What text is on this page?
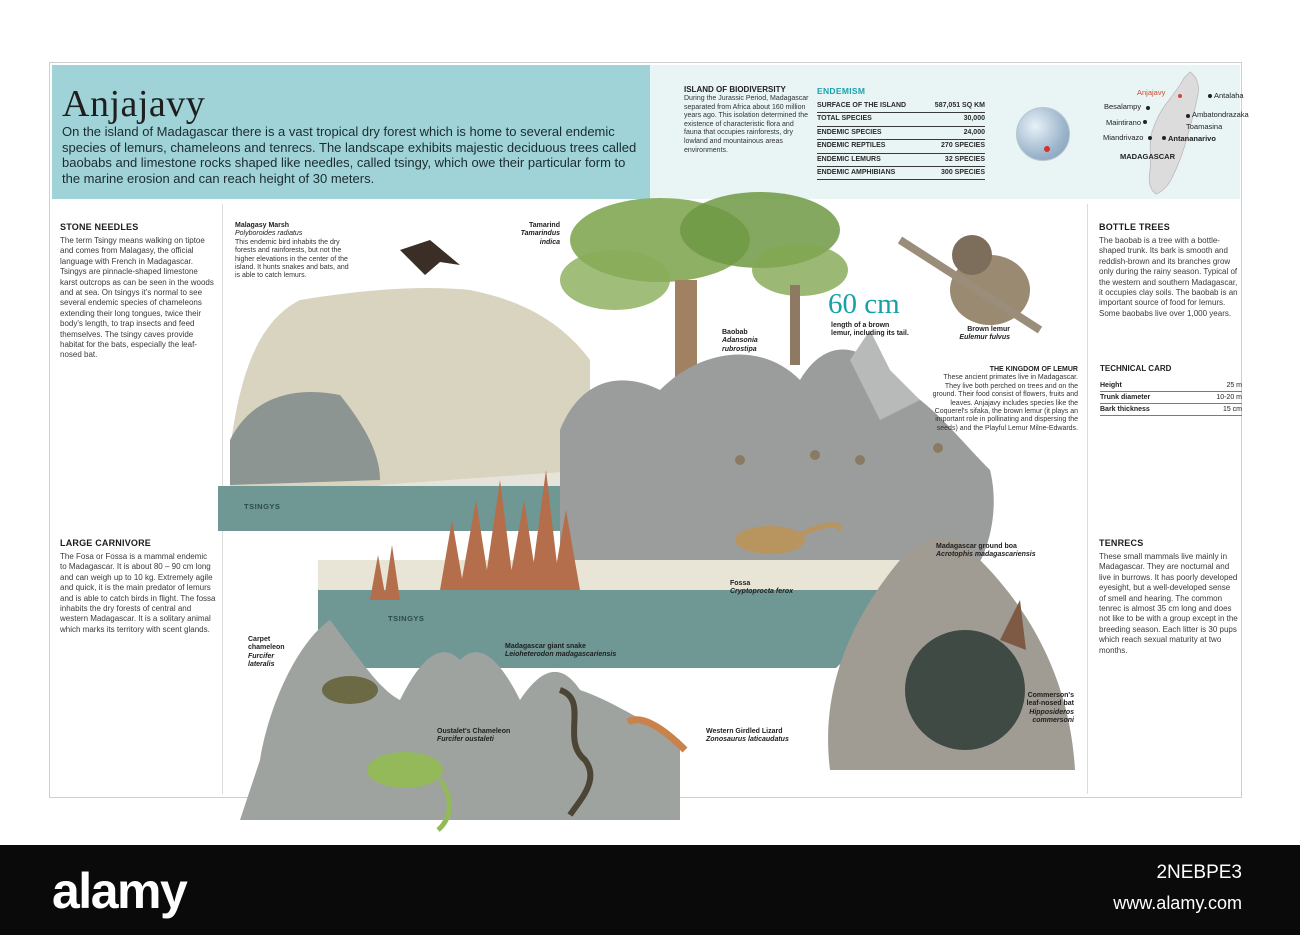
Anjajavy

On the island of Madagascar there is a vast tropical dry forest which is home to several endemic species of lemurs, chameleons and tenrecs. The landscape exhibits majestic deciduous trees called baobabs and limestone rocks shaped like needles, called tsingy, which owe their particular form to the marine erosion and can reach height of 30 meters.

ISLAND OF BIODIVERSITY
During the Jurassic Period, Madagascar separated from Africa about 160 million years ago. This isolation determined the existence of characteristic flora and fauna that occupies rainforests, dry lowland and mountainous areas environments.
ENDEMISM
SURFACE OF THE ISLAND	587,051 SQ KM
TOTAL SPECIES	30,000
ENDEMIC SPECIES	24,000
ENDEMIC REPTILES	270 SPECIES
ENDEMIC LEMURS	32 SPECIES
ENDEMIC AMPHIBIANS	300 SPECIES
Anjajavy	Antalaha
Besalampy
Ambatondrazaka
Maintirano	Toamasina
Miandrivazo	Antananarivo
MADAGASCAR
STONE NEEDLES
The term Tsingy means walking on tiptoe and comes from Malagasy, the official language with French in Madagascar. Tsingys are pinnacle-shaped limestone karst outcrops as can be seen in the woods and at sea. On tsingys it's normal to see several endemic species of chameleons extending their long tongues, twice their body's length, to trap insects and feed themselves. The tsingy caves provide habitat for the bats, especially the leaf-nosed bat.
LARGE CARNIVORE
The Fosa or Fossa is a mammal endemic to Madagascar. It is about 80 – 90 cm long and can weigh up to 10 kg. Extremely agile and quick, it is the main predator of lemurs and is able to catch birds in flight. The fossa inhabits the dry forests of central and western Madagascar. It is a solitary animal which marks its territory with scent glands.
BOTTLE TREES
The baobab is a tree with a bottle-shaped trunk. Its bark is smooth and reddish-brown and its branches grow only during the rainy season. Typical of the western and southern Madagascar, it occupies clay soils. The baobab is an important source of food for lemurs. Some baobabs live over 1,000 years.
TECHNICAL CARD
Height	25 m
Trunk diameter	10-20 m
Bark thickness	15 cm
TENRECS
These small mammals live mainly in Madagascar. They are nocturnal and live in burrows. It has poorly developed eyesight, but a well-developed sense of smell and hearing. The common tenrec is almost 35 cm long and does not like to be with a group except in the breeding season. Each litter is 30 pups which reach sexual maturity at two months.
Malagasy Marsh
Polyboroides radiatus
This endemic bird inhabits the dry forests and rainforests, but not the higher elevations in the center of the island. It hunts snakes and bats, and is able to catch lemurs.
Tamarind
Tamarindus indica
Baobab
Adansonia rubrostipa
Brown lemur
Eulemur fulvus
60 cm
length of a brown lemur, including its tail.
THE KINGDOM OF LEMUR
These ancient primates live in Madagascar. They live both perched on trees and on the ground. Their food consist of flowers, fruits and leaves. Anjajavy includes species like the Coquerel's sifaka, the brown lemur (it plays an important role in pollinating and dispersing the seeds) and the Playful Lemur Milne-Edwards.
TSINGYS
TSINGYS
Fossa
Cryptoprocta ferox
Madagascar ground boa
Acrotophis madagascariensis
Madagascar giant snake
Leioheterodon madagascariensis
Carpet chameleon
Furcifer lateralis
Oustalet's Chameleon
Furcifer oustaleti
Western Girdled Lizard
Zonosaurus laticaudatus
Commerson's leaf-nosed bat
Hipposideros commersoni
alamy	2NEBPE3
www.alamy.com
